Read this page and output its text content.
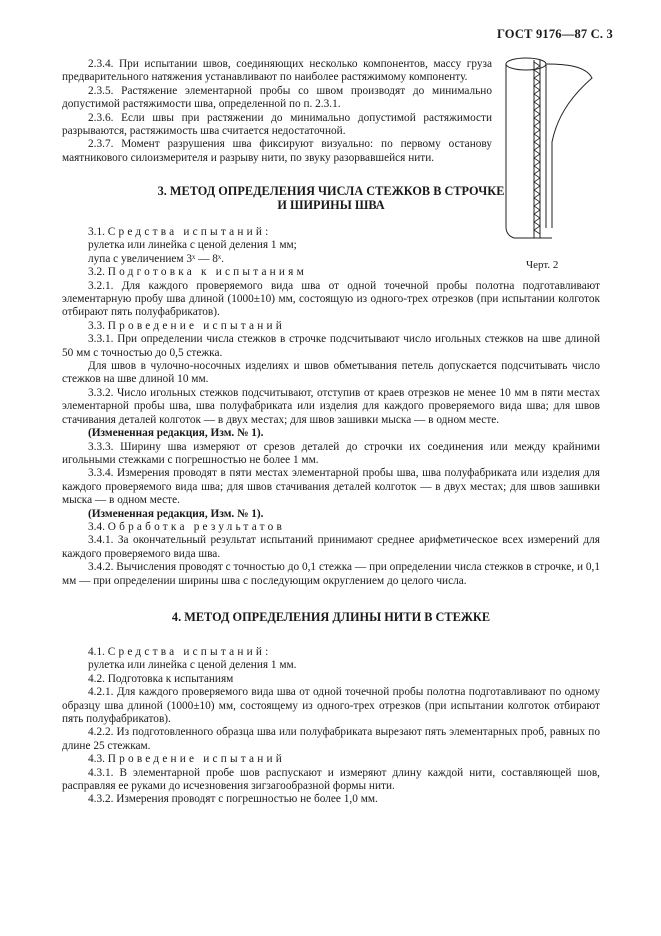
ГОСТ 9176—87 С. 3
Черт. 2

2.3.4. При испытании швов, соединяющих несколько компонентов, массу груза предварительного натяжения устанавливают по наиболее растяжимому компоненту.

2.3.5. Растяжение элементарной пробы со швом производят до минимально допустимой растяжимости шва, определенной по п. 2.3.1.

2.3.6. Если швы при растяжении до минимально допустимой растяжимости разрываются, растяжимость шва считается недостаточной.

2.3.7. Момент разрушения шва фиксируют визуально: по первому останову маятникового силоизмерителя и разрыву нити, по звуку разорвавшейся нити.

3. МЕТОД ОПРЕДЕЛЕНИЯ ЧИСЛА СТЕЖКОВ В СТРОЧКЕ
И ШИРИНЫ ШВА

3.1. Средства испытаний:

рулетка или линейка с ценой деления 1 мм;

лупа с увеличением 3ˣ — 8ˣ.

3.2. Подготовка к испытаниям

3.2.1. Для каждого проверяемого вида шва от одной точечной пробы полотна подготавливают элементарную пробу шва длиной (1000±10) мм, состоящую из одного-трех отрезков (при испытании колготок отбирают пять полуфабрикатов).

3.3. Проведение испытаний

3.3.1. При определении числа стежков в строчке подсчитывают число игольных стежков на шве длиной 50 мм с точностью до 0,5 стежка.

Для швов в чулочно-носочных изделиях и швов обметывания петель допускается подсчитывать число стежков на шве длиной 10 мм.

3.3.2. Число игольных стежков подсчитывают, отступив от краев отрезков не менее 10 мм в пяти местах элементарной пробы шва, шва полуфабриката или изделия для каждого проверяемого вида шва; для швов стачивания деталей колготок — в двух местах; для швов зашивки мыска — в одном месте.

(Измененная редакция, Изм. № 1).

3.3.3. Ширину шва измеряют от срезов деталей до строчки их соединения или между крайними игольными стежками с погрешностью не более 1 мм.

3.3.4. Измерения проводят в пяти местах элементарной пробы шва, шва полуфабриката или изделия для каждого проверяемого вида шва; для швов стачивания деталей колготок — в двух местах; для швов зашивки мыска — в одном месте.

(Измененная редакция, Изм. № 1).

3.4. Обработка результатов

3.4.1. За окончательный результат испытаний принимают среднее арифметическое всех измерений для каждого проверяемого вида шва.

3.4.2. Вычисления проводят с точностью до 0,1 стежка — при определении числа стежков в строчке, и 0,1 мм — при определении ширины шва с последующим округлением до целого числа.

4. МЕТОД ОПРЕДЕЛЕНИЯ ДЛИНЫ НИТИ В СТЕЖКЕ

4.1. Средства испытаний:

рулетка или линейка с ценой деления 1 мм.

4.2. Подготовка к испытаниям

4.2.1. Для каждого проверяемого вида шва от одной точечной пробы полотна подготавливают по одному образцу шва длиной (1000±10) мм, состоящему из одного-трех отрезков (при испытании колготок отбирают пять полуфабрикатов).

4.2.2. Из подготовленного образца шва или полуфабриката вырезают пять элементарных проб, равных по длине 25 стежкам.

4.3. Проведение испытаний

4.3.1. В элементарной пробе шов распускают и измеряют длину каждой нити, составляющей шов, расправляя ее руками до исчезновения зигзагообразной формы нити.

4.3.2. Измерения проводят с погрешностью не более 1,0 мм.
